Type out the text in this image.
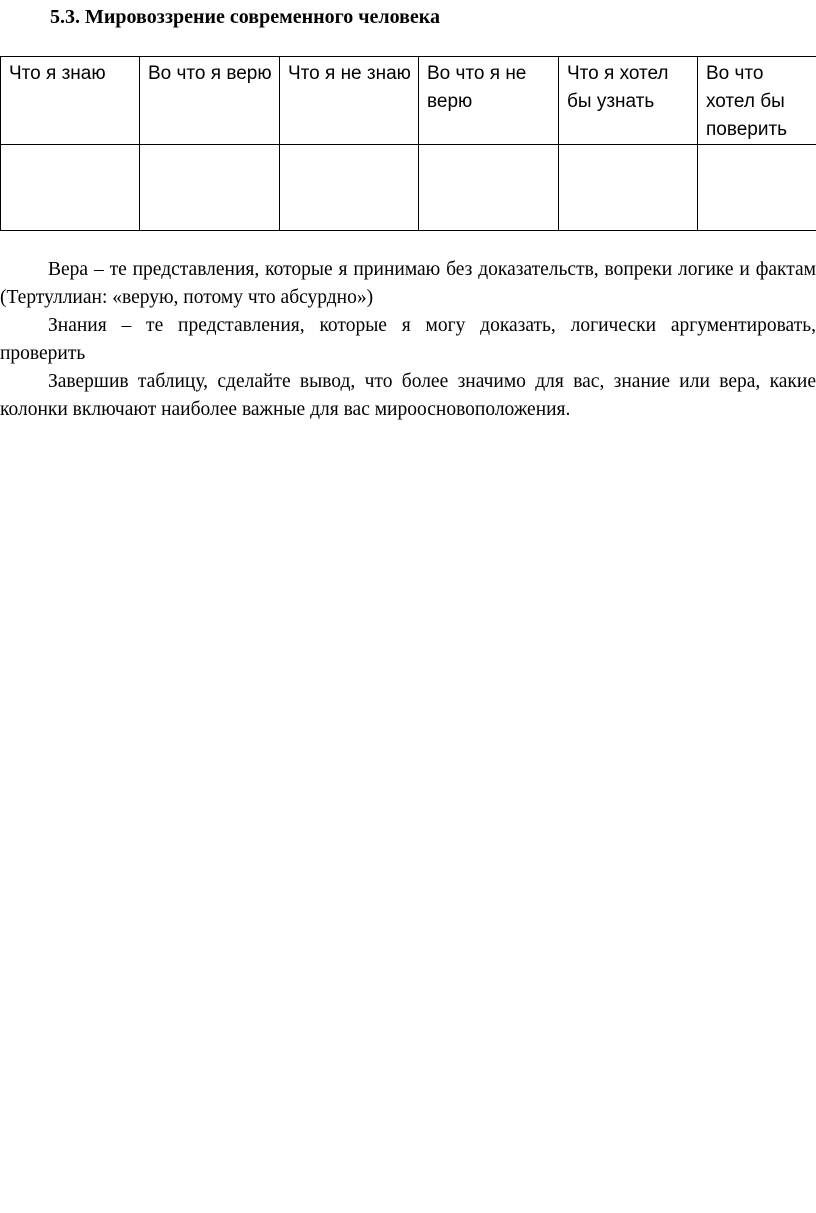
5.3. Мировоззрение современного человека
Что я знаю	Во что я верю	Что я не знаю	Во что я не верю	Что я хотел бы узнать	Во что хотел бы поверить

Вера – те представления, которые я принимаю без доказательств, вопреки логике и фактам (Тертуллиан: «верую, потому что абсурдно»)

Знания – те представления, которые я могу доказать, логически аргументировать, проверить

Завершив таблицу, сделайте вывод, что более значимо для вас, знание или вера, какие колонки включают наиболее важные для вас мироосновоположения.
